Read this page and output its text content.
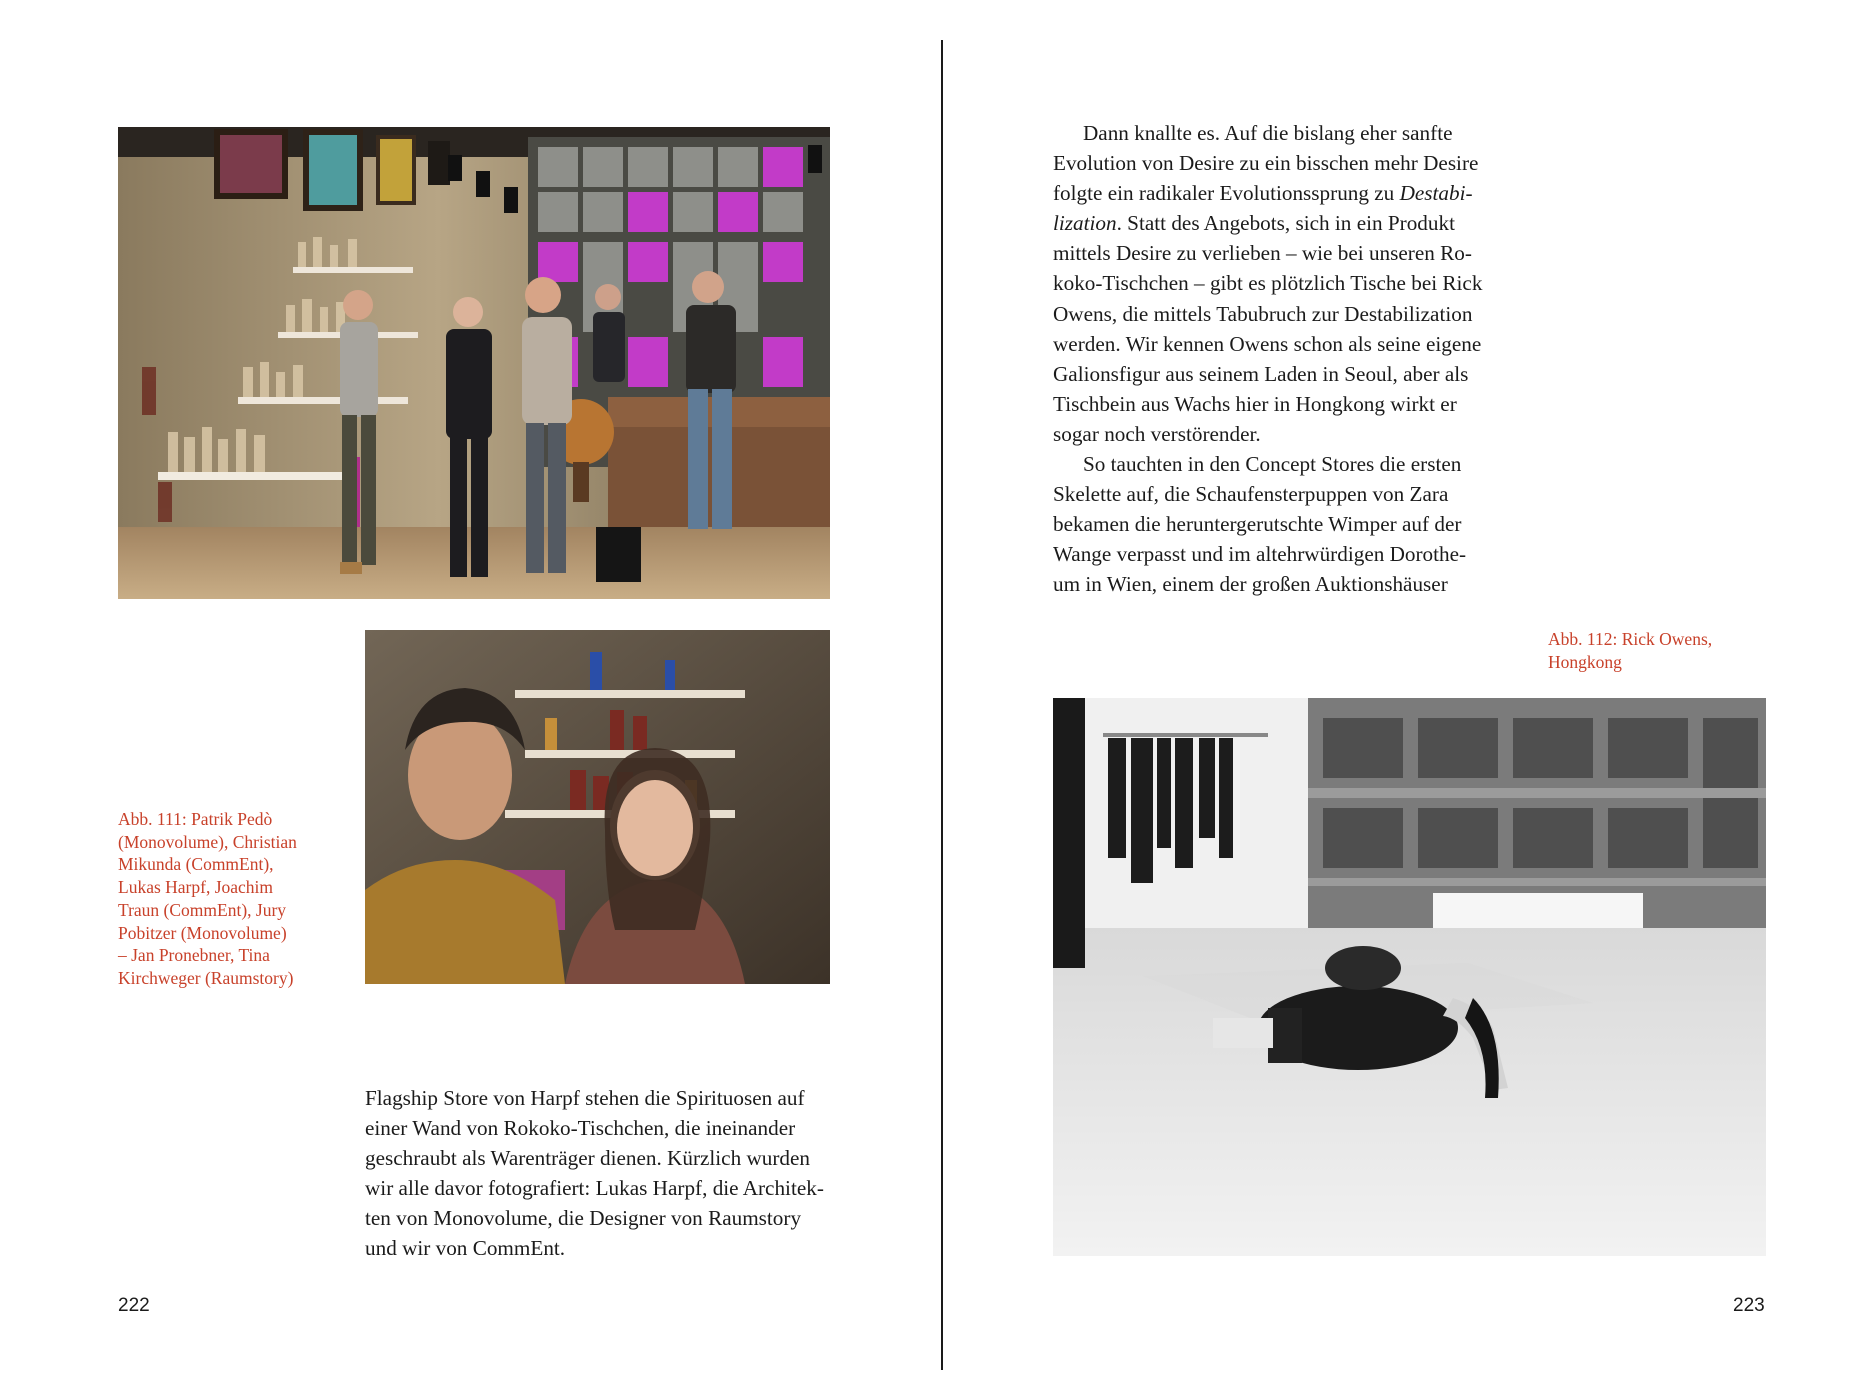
Abb. 111: Patrik Pedò
(Monovolume), Christian
Mikunda (CommEnt),
Lukas Harpf, Joachim
Traun (CommEnt), Jury
Pobitzer (Monovolume)
– Jan Pronebner, Tina
Kirchweger (Raumstory)
Abb. 112: Rick Owens,
Hongkong
Flagship Store von Harpf stehen die Spirituosen auf
einer Wand von Rokoko-Tischchen, die ineinander
geschraubt als Warenträger dienen. Kürzlich wurden
wir alle davor fotografiert: Lukas Harpf, die Architek-
ten von Monovolume, die Designer von Raumstory
und wir von CommEnt.
Dann knallte es. Auf die bislang eher sanfte
Evolution von Desire zu ein bisschen mehr Desire
folgte ein radikaler Evolutionssprung zu Destabi-
lization. Statt des Angebots, sich in ein Produkt
mittels Desire zu verlieben – wie bei unseren Ro-
koko-Tischchen – gibt es plötzlich Tische bei Rick
Owens, die mittels Tabubruch zur Destabilization
werden. Wir kennen Owens schon als seine eigene
Galionsfigur aus seinem Laden in Seoul, aber als
Tischbein aus Wachs hier in Hongkong wirkt er
sogar noch verstörender.
So tauchten in den Concept Stores die ersten
Skelette auf, die Schaufensterpuppen von Zara
bekamen die heruntergerutschte Wimper auf der
Wange verpasst und im altehrwürdigen Dorothe-
um in Wien, einem der großen Auktionshäuser
222	223
